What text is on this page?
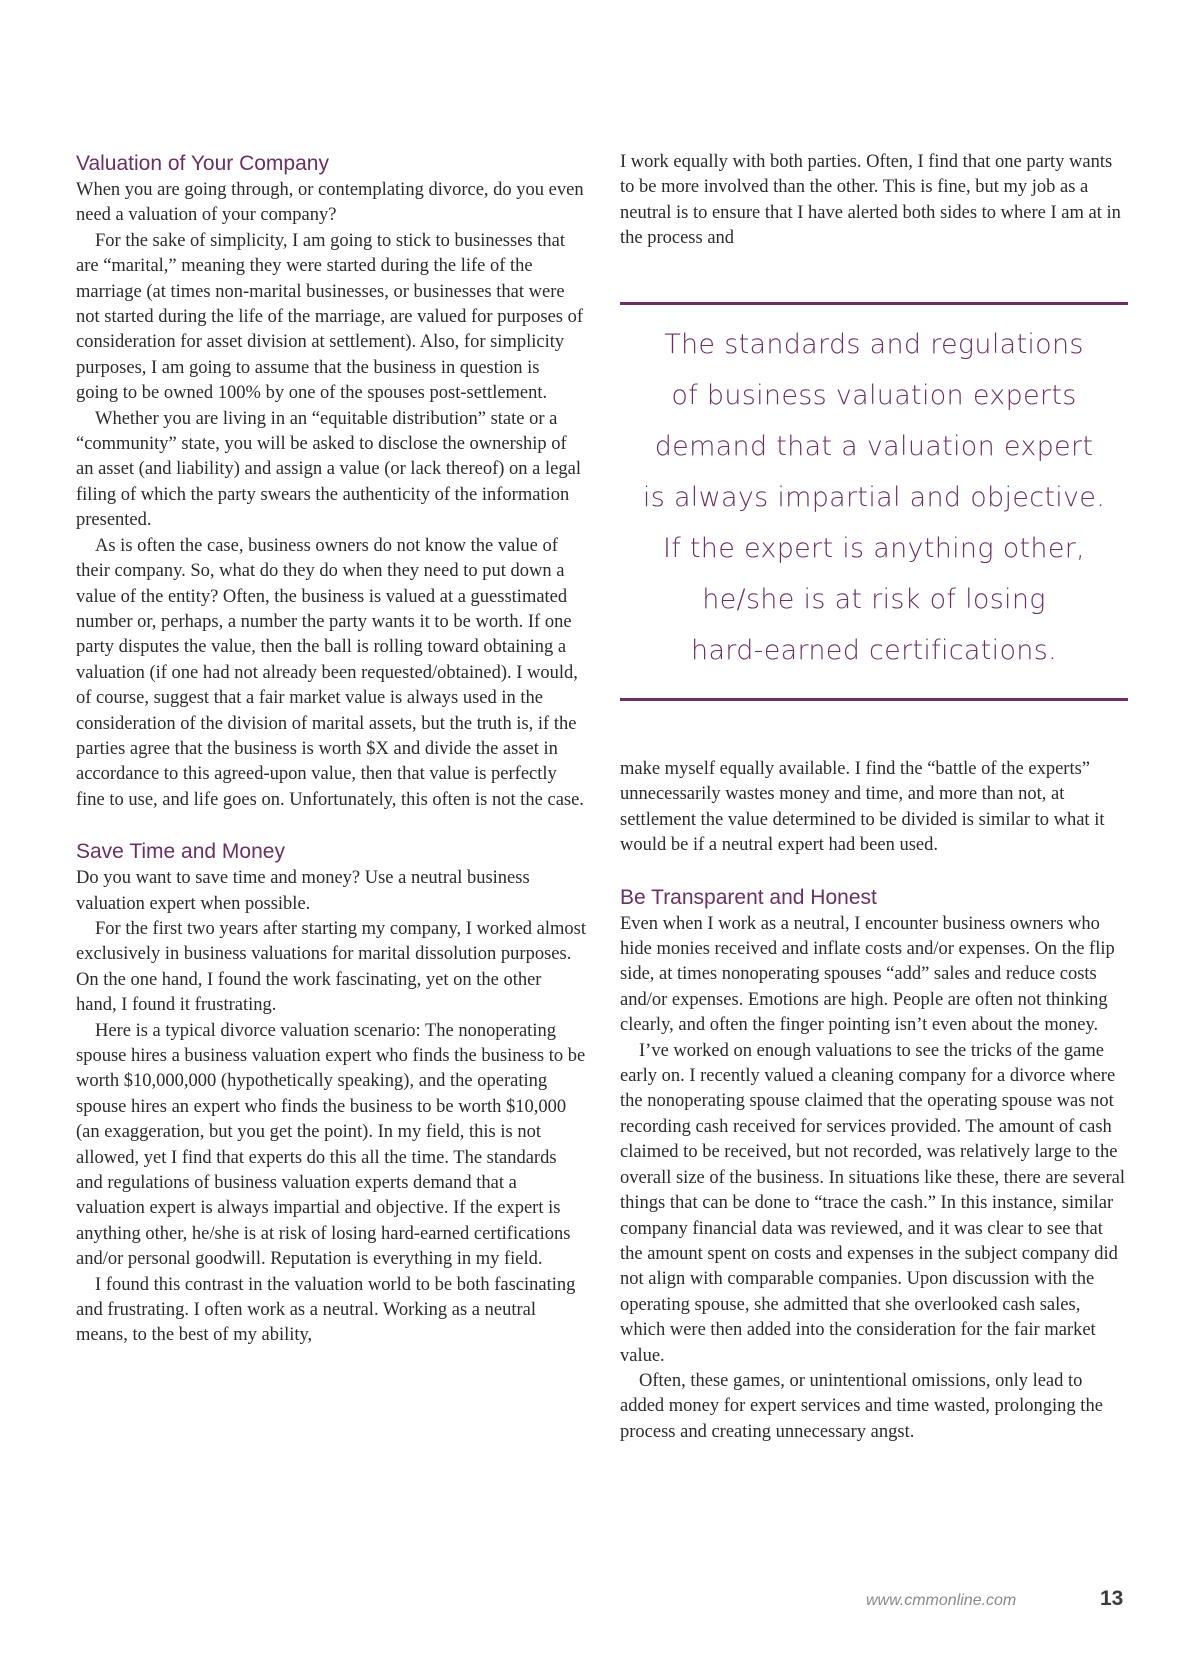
Valuation of Your Company

When you are going through, or contemplating divorce, do you even need a valuation of your company?

For the sake of simplicity, I am going to stick to businesses that are “marital,” meaning they were started during the life of the marriage (at times non-marital businesses, or businesses that were not started during the life of the marriage, are valued for purposes of consideration for asset division at settlement). Also, for simplicity purposes, I am going to assume that the business in question is going to be owned 100% by one of the spouses post-settlement.

Whether you are living in an “equitable distribution” state or a “community” state, you will be asked to disclose the ownership of an asset (and liability) and assign a value (or lack thereof) on a legal filing of which the party swears the authenticity of the information presented.

As is often the case, business owners do not know the value of their company. So, what do they do when they need to put down a value of the entity? Often, the business is valued at a guesstimated number or, perhaps, a number the party wants it to be worth. If one party disputes the value, then the ball is rolling toward obtaining a valuation (if one had not already been requested/obtained). I would, of course, suggest that a fair market value is always used in the consideration of the division of marital assets, but the truth is, if the parties agree that the business is worth $X and divide the asset in accordance to this agreed-upon value, then that value is perfectly fine to use, and life goes on. Unfortunately, this often is not the case.

Save Time and Money

Do you want to save time and money? Use a neutral business valuation expert when possible.

For the first two years after starting my company, I worked almost exclusively in business valuations for marital dissolution purposes. On the one hand, I found the work fascinating, yet on the other hand, I found it frustrating.

Here is a typical divorce valuation scenario: The nonoperating spouse hires a business valuation expert who finds the business to be worth $10,000,000 (hypothetically speaking), and the operating spouse hires an expert who finds the business to be worth $10,000 (an exaggeration, but you get the point). In my field, this is not allowed, yet I find that experts do this all the time. The standards and regulations of business valuation experts demand that a valuation expert is always impartial and objective. If the expert is anything other, he/she is at risk of losing hard-earned certifications and/or personal goodwill. Reputation is everything in my field.

I found this contrast in the valuation world to be both fascinating and frustrating. I often work as a neutral. Working as a neutral means, to the best of my ability,

I work equally with both parties. Often, I find that one party wants to be more involved than the other. This is fine, but my job as a neutral is to ensure that I have alerted both sides to where I am at in the process and

The standards and regulations

of business valuation experts

demand that a valuation expert

is always impartial and objective.

If the expert is anything other,

he/she is at risk of losing

hard-earned certifications.

make myself equally available. I find the “battle of the experts” unnecessarily wastes money and time, and more than not, at settlement the value determined to be divided is similar to what it would be if a neutral expert had been used.

Be Transparent and Honest

Even when I work as a neutral, I encounter business owners who hide monies received and inflate costs and/or expenses. On the flip side, at times nonoperating spouses “add” sales and reduce costs and/or expenses. Emotions are high. People are often not thinking clearly, and often the finger pointing isn’t even about the money.

I’ve worked on enough valuations to see the tricks of the game early on. I recently valued a cleaning company for a divorce where the nonoperating spouse claimed that the operating spouse was not recording cash received for services provided. The amount of cash claimed to be received, but not recorded, was relatively large to the overall size of the business. In situations like these, there are several things that can be done to “trace the cash.” In this instance, similar company financial data was reviewed, and it was clear to see that the amount spent on costs and expenses in the subject company did not align with comparable companies. Upon discussion with the operating spouse, she admitted that she overlooked cash sales, which were then added into the consideration for the fair market value.

Often, these games, or unintentional omissions, only lead to added money for expert services and time wasted, prolonging the process and creating unnecessary angst.

www.cmmonline.com	13
